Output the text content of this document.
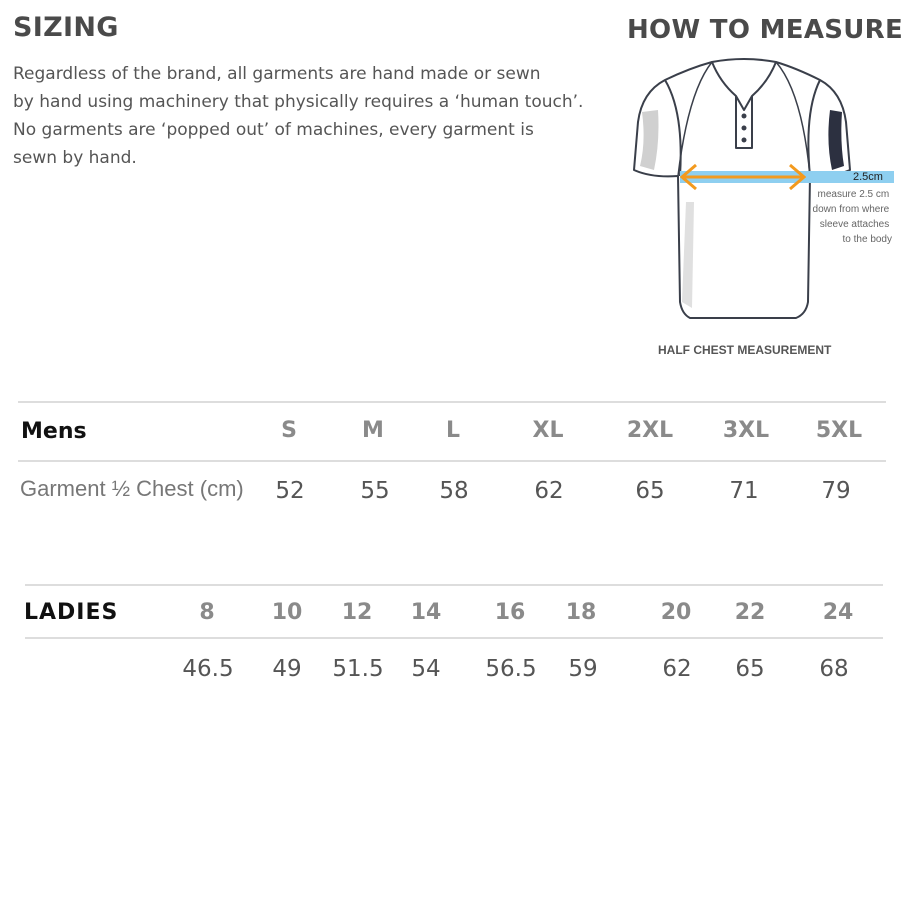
SIZING
Regardless of the brand, all garments are hand made or sewn
by hand using machinery that physically requires a ‘human touch’.
No garments are ‘popped out’ of machines, every garment is
sewn by hand.
HOW TO MEASURE
2.5cm
measure 2.5 cm down from where sleeve attaches to the body
HALF CHEST MEASUREMENT
Mens	S	M	L	XL	2XL 3XL 5XL
Garment ½ Chest (cm) 52 55 58	62	65	71	79
LADIES	8	10 12 14 16 18	20 22	24
46.5 49 51.5 54 56.5 59	62 65 68
